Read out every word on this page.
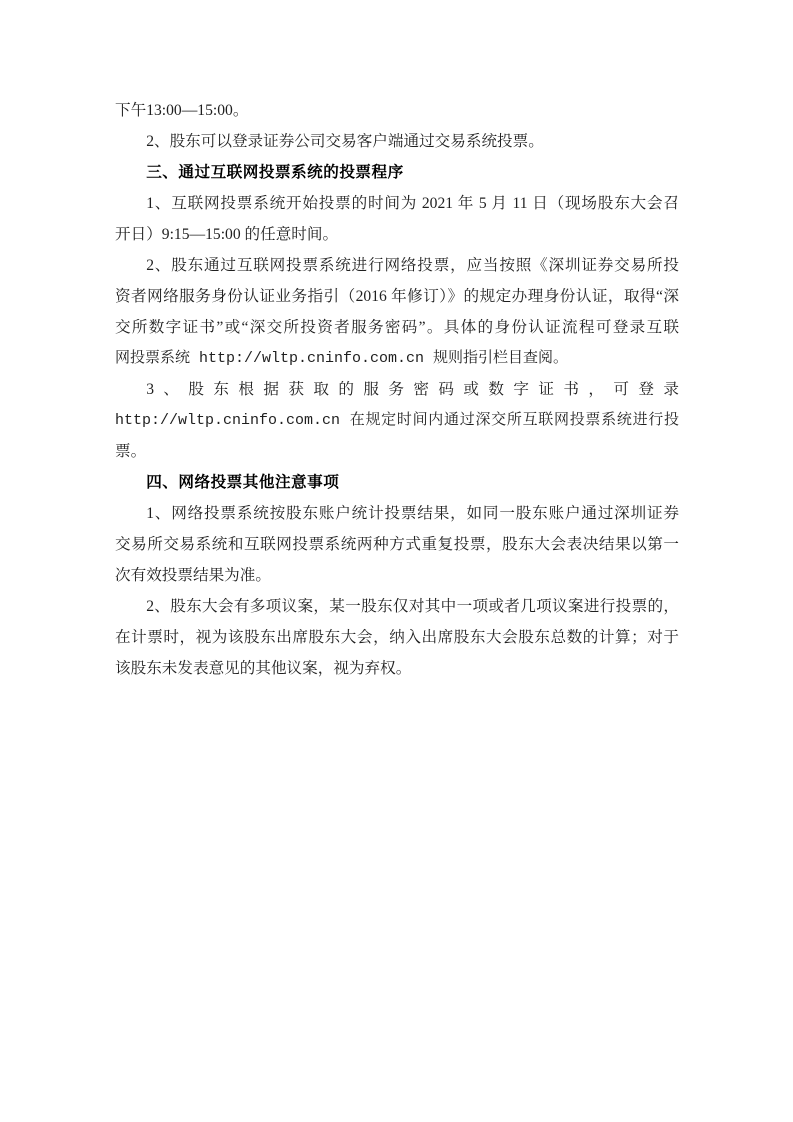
下午13:00—15:00。
2、股东可以登录证券公司交易客户端通过交易系统投票。
三、通过互联网投票系统的投票程序
1、互联网投票系统开始投票的时间为 2021 年 5 月 11 日（现场股东大会召
开日）9:15—15:00 的任意时间。
2、股东通过互联网投票系统进行网络投票，应当按照《深圳证券交易所投
资者网络服务身份认证业务指引（2016 年修订）》的规定办理身份认证，取得“深
交所数字证书”或“深交所投资者服务密码”。具体的身份认证流程可登录互联
网投票系统 http://wltp.cninfo.com.cn 规则指引栏目查阅。
3、股东根据获取的服务密码或数字证书，可登录
http://wltp.cninfo.com.cn 在规定时间内通过深交所互联网投票系统进行投
票。
四、网络投票其他注意事项
1、网络投票系统按股东账户统计投票结果，如同一股东账户通过深圳证券
交易所交易系统和互联网投票系统两种方式重复投票，股东大会表决结果以第一
次有效投票结果为准。
2、股东大会有多项议案，某一股东仅对其中一项或者几项议案进行投票的，
在计票时，视为该股东出席股东大会，纳入出席股东大会股东总数的计算；对于
该股东未发表意见的其他议案，视为弃权。
